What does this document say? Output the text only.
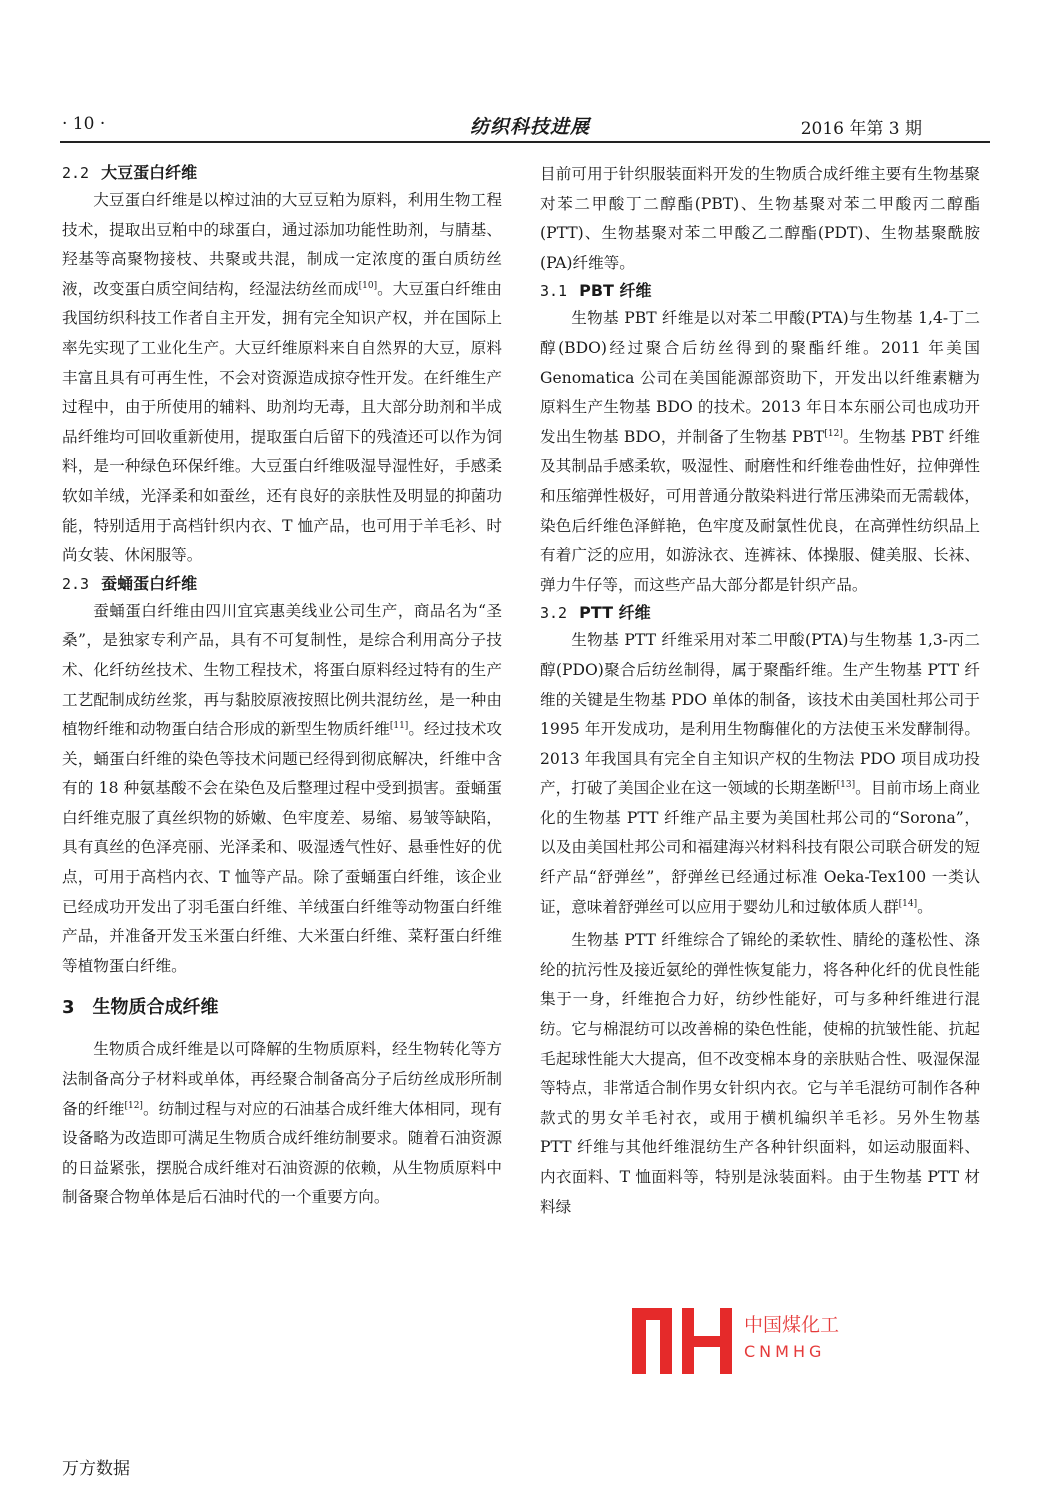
· 10 ·	纺织科技进展	2016 年第 3 期
2.2 大豆蛋白纤维

大豆蛋白纤维是以榨过油的大豆豆粕为原料，利用生物工程技术，提取出豆粕中的球蛋白，通过添加功能性助剂，与腈基、羟基等高聚物接枝、共聚或共混，制成一定浓度的蛋白质纺丝液，改变蛋白质空间结构，经湿法纺丝而成[10]。大豆蛋白纤维由我国纺织科技工作者自主开发，拥有完全知识产权，并在国际上率先实现了工业化生产。大豆纤维原料来自自然界的大豆，原料丰富且具有可再生性，不会对资源造成掠夺性开发。在纤维生产过程中，由于所使用的辅料、助剂均无毒，且大部分助剂和半成品纤维均可回收重新使用，提取蛋白后留下的残渣还可以作为饲料，是一种绿色环保纤维。大豆蛋白纤维吸湿导湿性好，手感柔软如羊绒，光泽柔和如蚕丝，还有良好的亲肤性及明显的抑菌功能，特别适用于高档针织内衣、T 恤产品，也可用于羊毛衫、时尚女装、休闲服等。

2.3 蚕蛹蛋白纤维

蚕蛹蛋白纤维由四川宜宾惠美线业公司生产，商品名为“圣桑”，是独家专利产品，具有不可复制性，是综合利用高分子技术、化纤纺丝技术、生物工程技术，将蛋白原料经过特有的生产工艺配制成纺丝浆，再与黏胶原液按照比例共混纺丝，是一种由植物纤维和动物蛋白结合形成的新型生物质纤维[11]。经过技术攻关，蛹蛋白纤维的染色等技术问题已经得到彻底解决，纤维中含有的 18 种氨基酸不会在染色及后整理过程中受到损害。蚕蛹蛋白纤维克服了真丝织物的娇嫩、色牢度差、易缩、易皱等缺陷，具有真丝的色泽亮丽、光泽柔和、吸湿透气性好、悬垂性好的优点，可用于高档内衣、T 恤等产品。除了蚕蛹蛋白纤维，该企业已经成功开发出了羽毛蛋白纤维、羊绒蛋白纤维等动物蛋白纤维产品，并准备开发玉米蛋白纤维、大米蛋白纤维、菜籽蛋白纤维等植物蛋白纤维。

3 生物质合成纤维

生物质合成纤维是以可降解的生物质原料，经生物转化等方法制备高分子材料或单体，再经聚合制备高分子后纺丝成形所制备的纤维[12]。纺制过程与对应的石油基合成纤维大体相同，现有设备略为改造即可满足生物质合成纤维纺制要求。随着石油资源的日益紧张，摆脱合成纤维对石油资源的依赖，从生物质原料中制备聚合物单体是后石油时代的一个重要方向。

目前可用于针织服装面料开发的生物质合成纤维主要有生物基聚对苯二甲酸丁二醇酯(PBT)、生物基聚对苯二甲酸丙二醇酯(PTT)、生物基聚对苯二甲酸乙二醇酯(PDT)、生物基聚酰胺(PA)纤维等。

3.1 PBT 纤维

生物基 PBT 纤维是以对苯二甲酸(PTA)与生物基 1,4-丁二醇(BDO)经过聚合后纺丝得到的聚酯纤维。2011 年美国 Genomatica 公司在美国能源部资助下，开发出以纤维素糖为原料生产生物基 BDO 的技术。2013 年日本东丽公司也成功开发出生物基 BDO，并制备了生物基 PBT[12]。生物基 PBT 纤维及其制品手感柔软，吸湿性、耐磨性和纤维卷曲性好，拉伸弹性和压缩弹性极好，可用普通分散染料进行常压沸染而无需载体，染色后纤维色泽鲜艳，色牢度及耐氯性优良，在高弹性纺织品上有着广泛的应用，如游泳衣、连裤袜、体操服、健美服、长袜、弹力牛仔等，而这些产品大部分都是针织产品。

3.2 PTT 纤维

生物基 PTT 纤维采用对苯二甲酸(PTA)与生物基 1,3-丙二醇(PDO)聚合后纺丝制得，属于聚酯纤维。生产生物基 PTT 纤维的关键是生物基 PDO 单体的制备，该技术由美国杜邦公司于 1995 年开发成功，是利用生物酶催化的方法使玉米发酵制得。2013 年我国具有完全自主知识产权的生物法 PDO 项目成功投产，打破了美国企业在这一领域的长期垄断[13]。目前市场上商业化的生物基 PTT 纤维产品主要为美国杜邦公司的“Sorona”，以及由美国杜邦公司和福建海兴材料科技有限公司联合研发的短纤产品“舒弹丝”，舒弹丝已经通过标准 Oeka-Tex100 一类认证，意味着舒弹丝可以应用于婴幼儿和过敏体质人群[14]。

生物基 PTT 纤维综合了锦纶的柔软性、腈纶的蓬松性、涤纶的抗污性及接近氨纶的弹性恢复能力，将各种化纤的优良性能集于一身，纤维抱合力好，纺纱性能好，可与多种纤维进行混纺。它与棉混纺可以改善棉的染色性能，使棉的抗皱性能、抗起毛起球性能大大提高，但不改变棉本身的亲肤贴合性、吸湿保湿等特点，非常适合制作男女针织内衣。它与羊毛混纺可制作各种款式的男女羊毛衬衣，或用于横机编织羊毛衫。另外生物基 PTT 纤维与其他纤维混纺生产各种针织面料，如运动服面料、内衣面料、T 恤面料等，特别是泳装面料。由于生物基 PTT 材料绿

中国煤化工
CNMHG
万方数据
